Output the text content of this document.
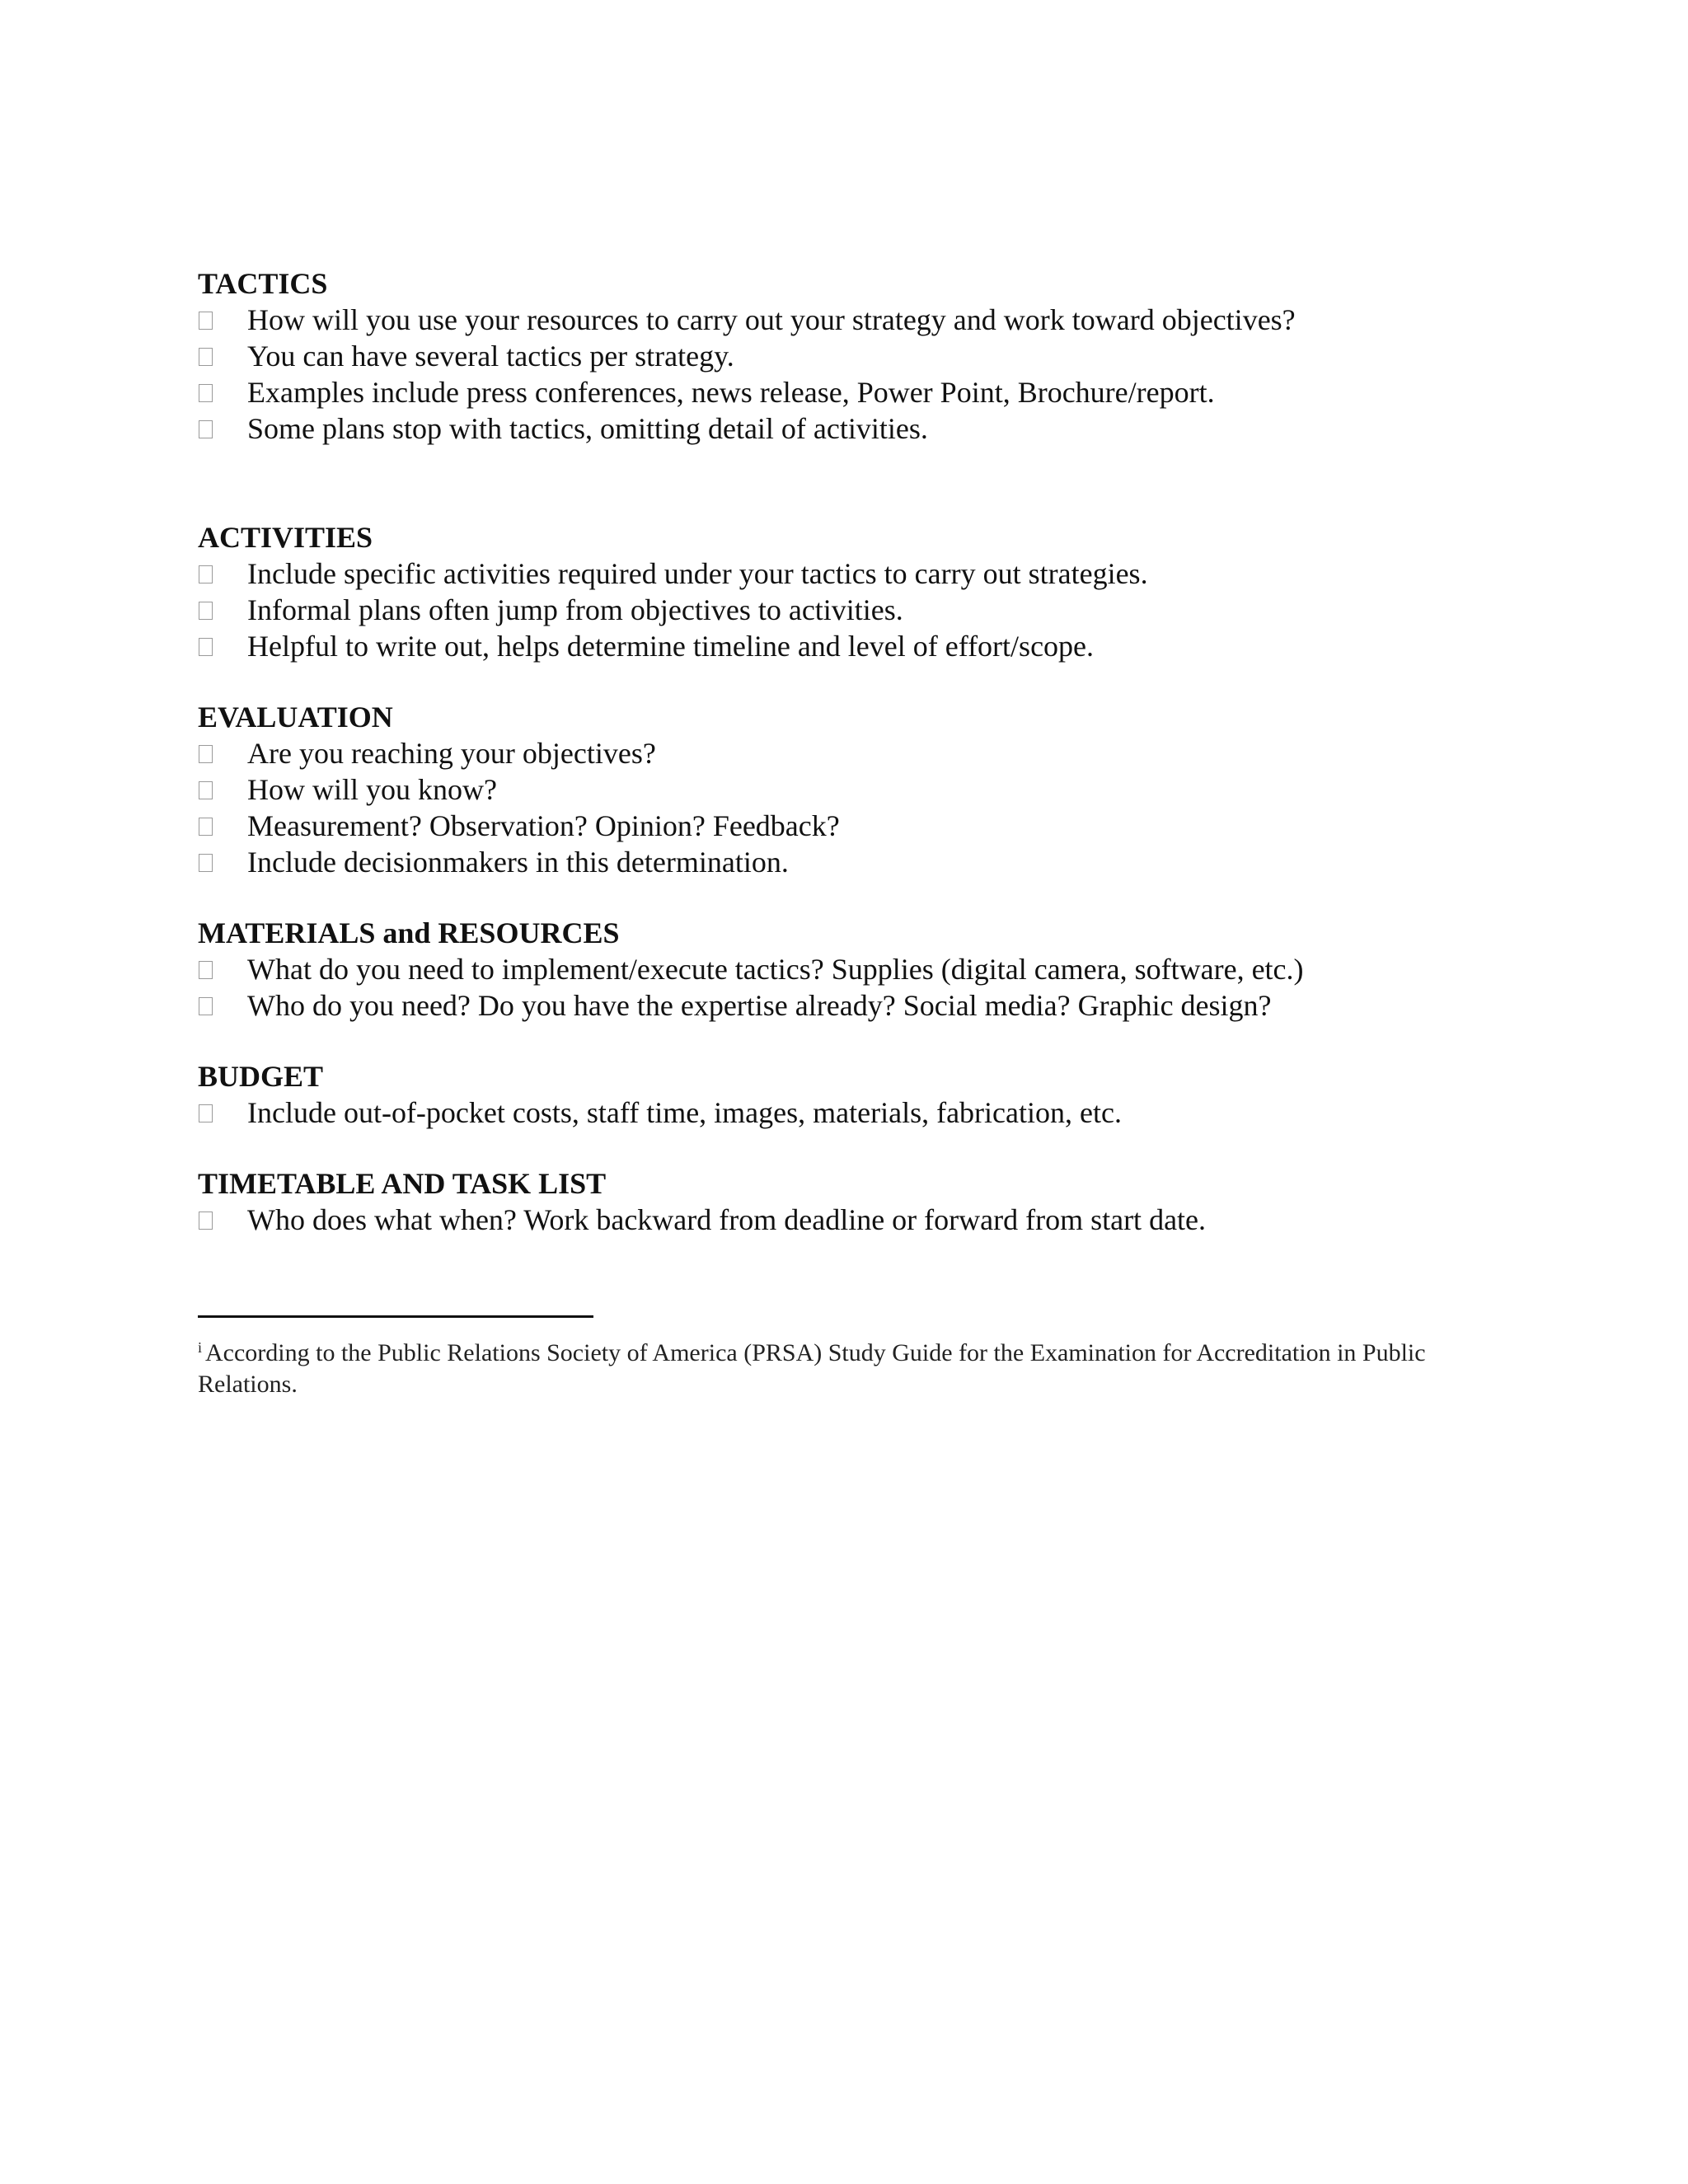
TACTICS
How will you use your resources to carry out your strategy and work toward objectives?
You can have several tactics per strategy.
Examples include press conferences, news release, Power Point, Brochure/report.
Some plans stop with tactics, omitting detail of activities.
ACTIVITIES
Include specific activities required under your tactics to carry out strategies.
Informal plans often jump from objectives to activities.
Helpful to write out, helps determine timeline and level of effort/scope.
EVALUATION
Are you reaching your objectives?
How will you know?
Measurement? Observation? Opinion? Feedback?
Include decisionmakers in this determination.
MATERIALS and RESOURCES
What do you need to implement/execute tactics? Supplies (digital camera, software, etc.)
Who do you need? Do you have the expertise already? Social media? Graphic design?
BUDGET
Include out-of-pocket costs, staff time, images, materials, fabrication, etc.
TIMETABLE AND TASK LIST
Who does what when? Work backward from deadline or forward from start date.
$^i$ According to the Public Relations Society of America (PRSA) Study Guide for the Examination for Accreditation in Public Relations.
